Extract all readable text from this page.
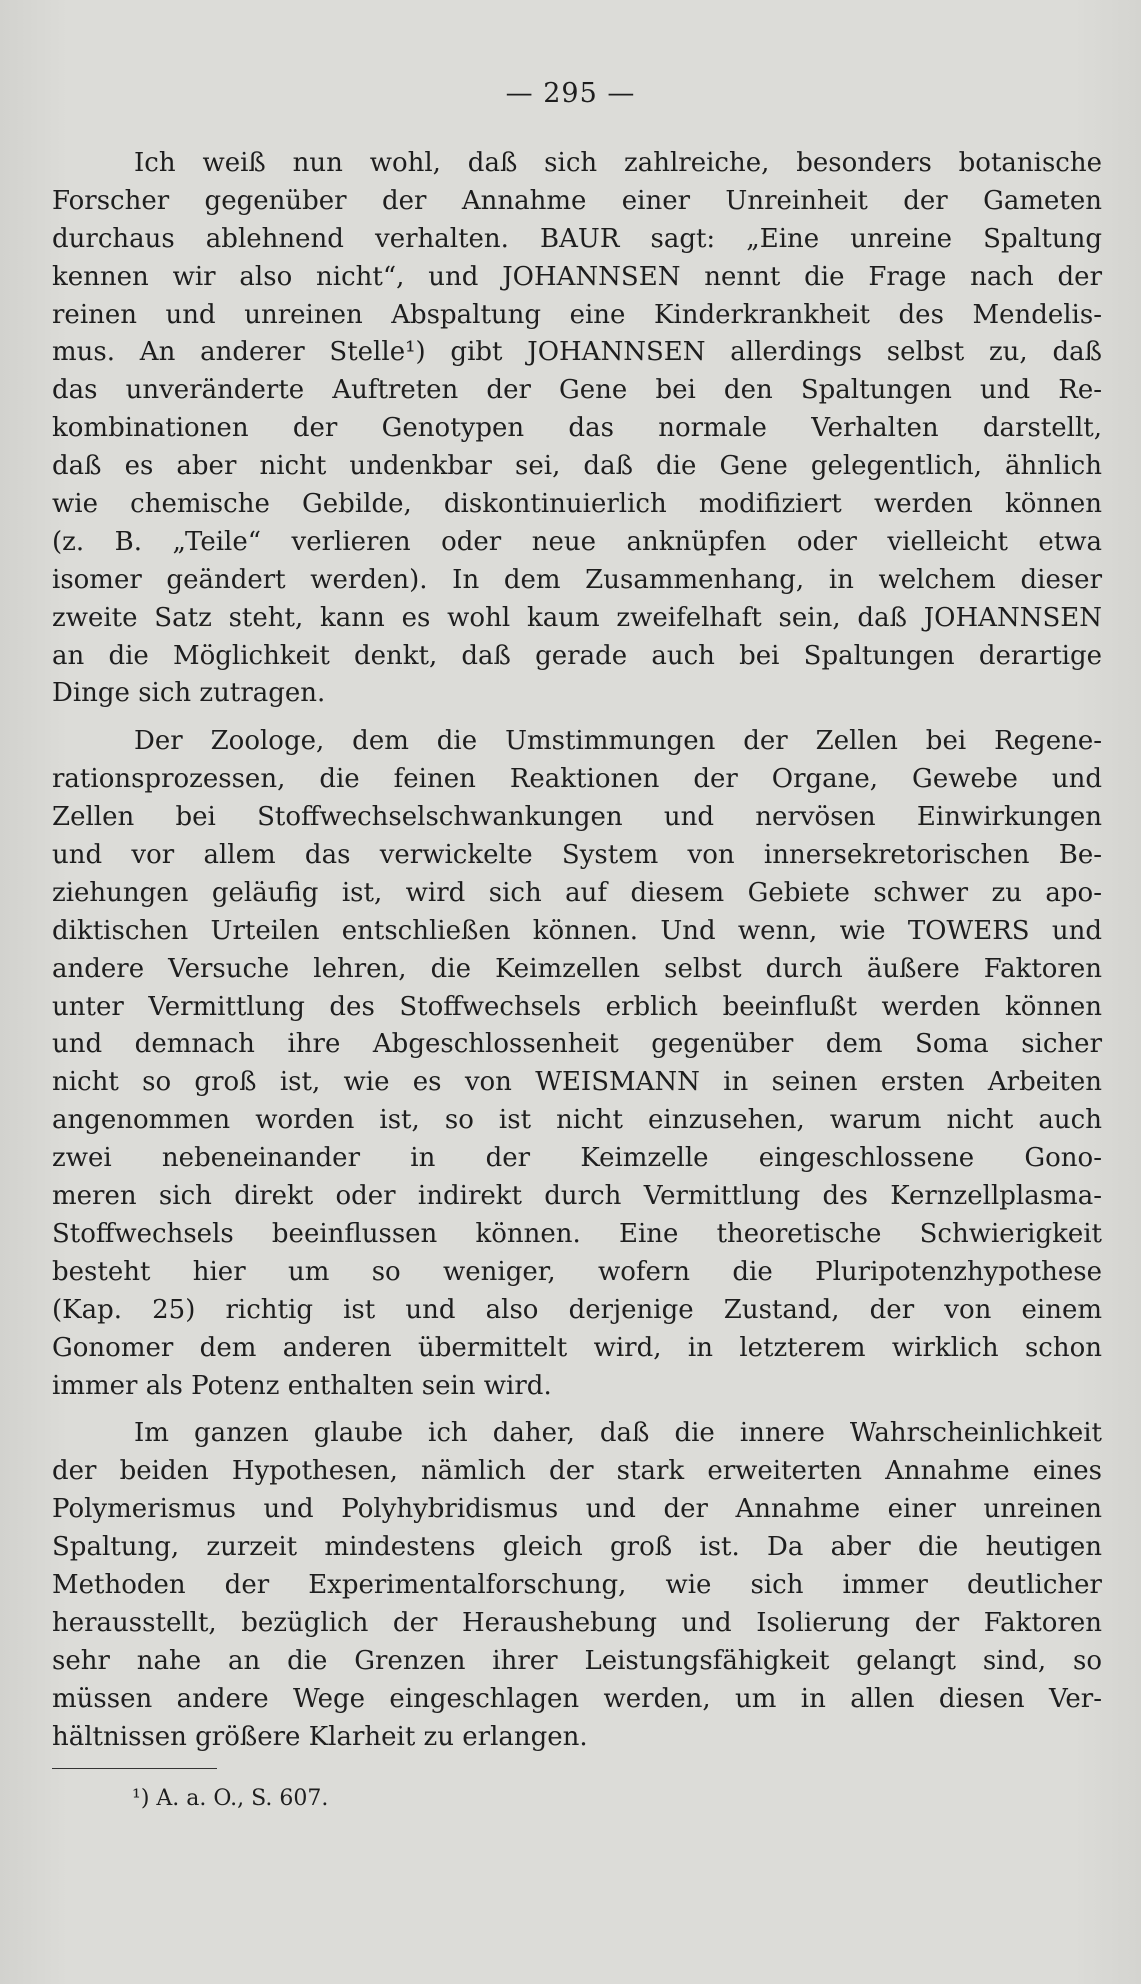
— 295 —
Ich weiß nun wohl, daß sich zahlreiche, besonders botanische
Forscher gegenüber der Annahme einer Unreinheit der Gameten
durchaus ablehnend verhalten. BAUR sagt: „Eine unreine Spaltung
kennen wir also nicht“, und JOHANNSEN nennt die Frage nach der
reinen und unreinen Abspaltung eine Kinderkrankheit des Mendelis-
mus. An anderer Stelle¹) gibt JOHANNSEN allerdings selbst zu, daß
das unveränderte Auftreten der Gene bei den Spaltungen und Re-
kombinationen der Genotypen das normale Verhalten darstellt,
daß es aber nicht undenkbar sei, daß die Gene gelegentlich, ähnlich
wie chemische Gebilde, diskontinuierlich modifiziert werden können
(z. B. „Teile“ verlieren oder neue anknüpfen oder vielleicht etwa
isomer geändert werden). In dem Zusammenhang, in welchem dieser
zweite Satz steht, kann es wohl kaum zweifelhaft sein, daß JOHANNSEN
an die Möglichkeit denkt, daß gerade auch bei Spaltungen derartige
Dinge sich zutragen.
Der Zoologe, dem die Umstimmungen der Zellen bei Regene-
rationsprozessen, die feinen Reaktionen der Organe, Gewebe und
Zellen bei Stoffwechselschwankungen und nervösen Einwirkungen
und vor allem das verwickelte System von innersekretorischen Be-
ziehungen geläufig ist, wird sich auf diesem Gebiete schwer zu apo-
diktischen Urteilen entschließen können. Und wenn, wie TOWERS und
andere Versuche lehren, die Keimzellen selbst durch äußere Faktoren
unter Vermittlung des Stoffwechsels erblich beeinflußt werden können
und demnach ihre Abgeschlossenheit gegenüber dem Soma sicher
nicht so groß ist, wie es von WEISMANN in seinen ersten Arbeiten
angenommen worden ist, so ist nicht einzusehen, warum nicht auch
zwei nebeneinander in der Keimzelle eingeschlossene Gono-
meren sich direkt oder indirekt durch Vermittlung des Kernzellplasma-
Stoffwechsels beeinflussen können. Eine theoretische Schwierigkeit
besteht hier um so weniger, wofern die Pluripotenzhypothese
(Kap. 25) richtig ist und also derjenige Zustand, der von einem
Gonomer dem anderen übermittelt wird, in letzterem wirklich schon
immer als Potenz enthalten sein wird.
Im ganzen glaube ich daher, daß die innere Wahrscheinlichkeit
der beiden Hypothesen, nämlich der stark erweiterten Annahme eines
Polymerismus und Polyhybridismus und der Annahme einer unreinen
Spaltung, zurzeit mindestens gleich groß ist. Da aber die heutigen
Methoden der Experimentalforschung, wie sich immer deutlicher
herausstellt, bezüglich der Heraushebung und Isolierung der Faktoren
sehr nahe an die Grenzen ihrer Leistungsfähigkeit gelangt sind, so
müssen andere Wege eingeschlagen werden, um in allen diesen Ver-
hältnissen größere Klarheit zu erlangen.
¹) A. a. O., S. 607.
